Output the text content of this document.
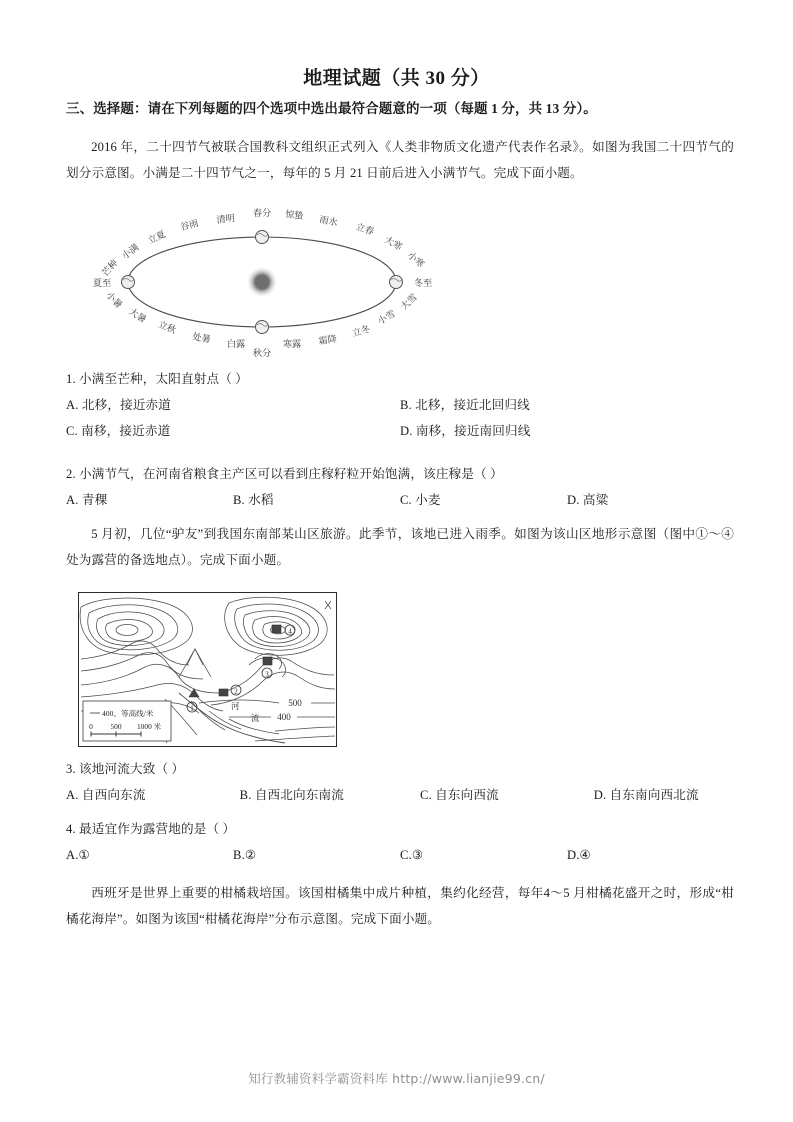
地理试题（共 30 分）
三、选择题：请在下列每题的四个选项中选出最符合题意的一项（每题 1 分，共 13 分）。
2016 年，二十四节气被联合国教科文组织正式列入《人类非物质文化遗产代表作名录》。如图为我国二十四节气的划分示意图。小满是二十四节气之一，每年的 5 月 21 日前后进入小满节气。完成下面小题。
春分
清明
谷雨
立夏
小满
芒种
夏至
小暑
大暑
立秋
处暑 白露
秋分
寒露 霜降
立冬
小雪
大雪
冬至
小寒
大寒
立春
雨水
惊蛰
1. 小满至芒种，太阳直射点（ ）
A. 北移，接近赤道	B. 北移，接近北回归线
C. 南移，接近赤道	D. 南移，接近南回归线
2. 小满节气，在河南省粮食主产区可以看到庄稼籽粒开始饱满，该庄稼是（ ）
A. 青稞	B. 水稻	C. 小麦	D. 高粱
5 月初，几位“驴友”到我国东南部某山区旅游。此季节，该地已进入雨季。如图为该山区地形示意图（图中①～④处为露营的备选地点）。完成下面小题。
500
400
河
流
1
2
3
4
400、等高线/米
0 500 1000 米
3. 该地河流大致（ ）
A. 自西向东流	B. 自西北向东南流	C. 自东向西流	D. 自东南向西北流
4. 最适宜作为露营地的是（ ）
A.①	B.②	C.③	D.④
西班牙是世界上重要的柑橘栽培国。该国柑橘集中成片种植，集约化经营，每年4～5 月柑橘花盛开之时，形成“柑橘花海岸”。如图为该国“柑橘花海岸”分布示意图。完成下面小题。
知行教辅资料学霸资料库 http://www.lianjie99.cn/
